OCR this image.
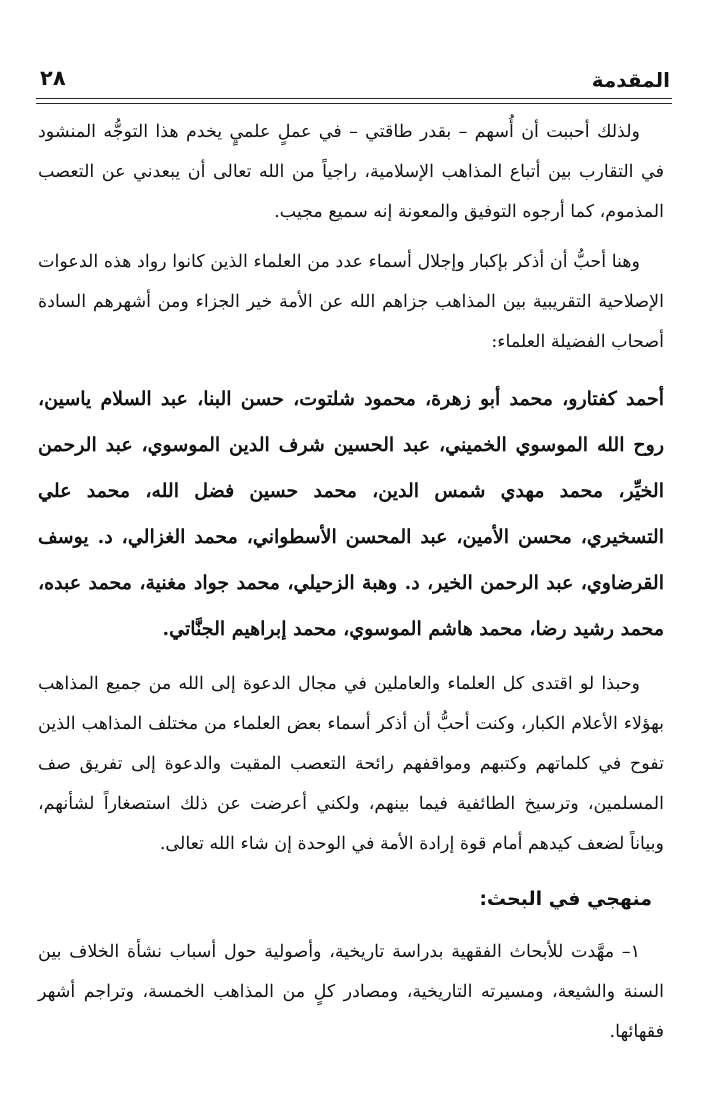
المقدمة
٢٨

ولذلك أحببت أن أُسهم – بقدر طاقتي – في عملٍ علميٍ يخدم هذا التوجُّه المنشود في التقارب بين أتباع المذاهب الإسلامية، راجياً من الله تعالى أن يبعدني عن التعصب المذموم، كما أرجوه التوفيق والمعونة إنه سميع مجيب.

وهنا أحبُّ أن أذكر بإكبار وإجلال أسماء عدد من العلماء الذين كانوا رواد هذه الدعوات الإصلاحية التقريبية بين المذاهب جزاهم الله عن الأمة خير الجزاء ومن أشهرهم السادة أصحاب الفضيلة العلماء:

أحمد كفتارو، محمد أبو زهرة، محمود شلتوت، حسن البنا، عبد السلام ياسين، روح الله الموسوي الخميني، عبد الحسين شرف الدين الموسوي، عبد الرحمن الخيِّر، محمد مهدي شمس الدين، محمد حسين فضل الله، محمد علي التسخيري، محسن الأمين، عبد المحسن الأسطواني، محمد الغزالي، د. يوسف القرضاوي، عبد الرحمن الخير، د. وهبة الزحيلي، محمد جواد مغنية، محمد عبده، محمد رشيد رضا، محمد هاشم الموسوي، محمد إبراهيم الجنَّاتي.

وحبذا لو اقتدى كل العلماء والعاملين في مجال الدعوة إلى الله من جميع المذاهب بهؤلاء الأعلام الكبار، وكنت أحبُّ أن أذكر أسماء بعض العلماء من مختلف المذاهب الذين تفوح في كلماتهم وكتبهم ومواقفهم رائحة التعصب المقيت والدعوة إلى تفريق صف المسلمين، وترسيخ الطائفية فيما بينهم، ولكني أعرضت عن ذلك استصغاراً لشأنهم، وبياناً لضعف كيدهم أمام قوة إرادة الأمة في الوحدة إن شاء الله تعالى.

منهجي في البحث:

١– مهَّدت للأبحاث الفقهية بدراسة تاريخية، وأصولية حول أسباب نشأة الخلاف بين السنة والشيعة، ومسيرته التاريخية، ومصادر كلٍ من المذاهب الخمسة، وتراجم أشهر فقهائها.
